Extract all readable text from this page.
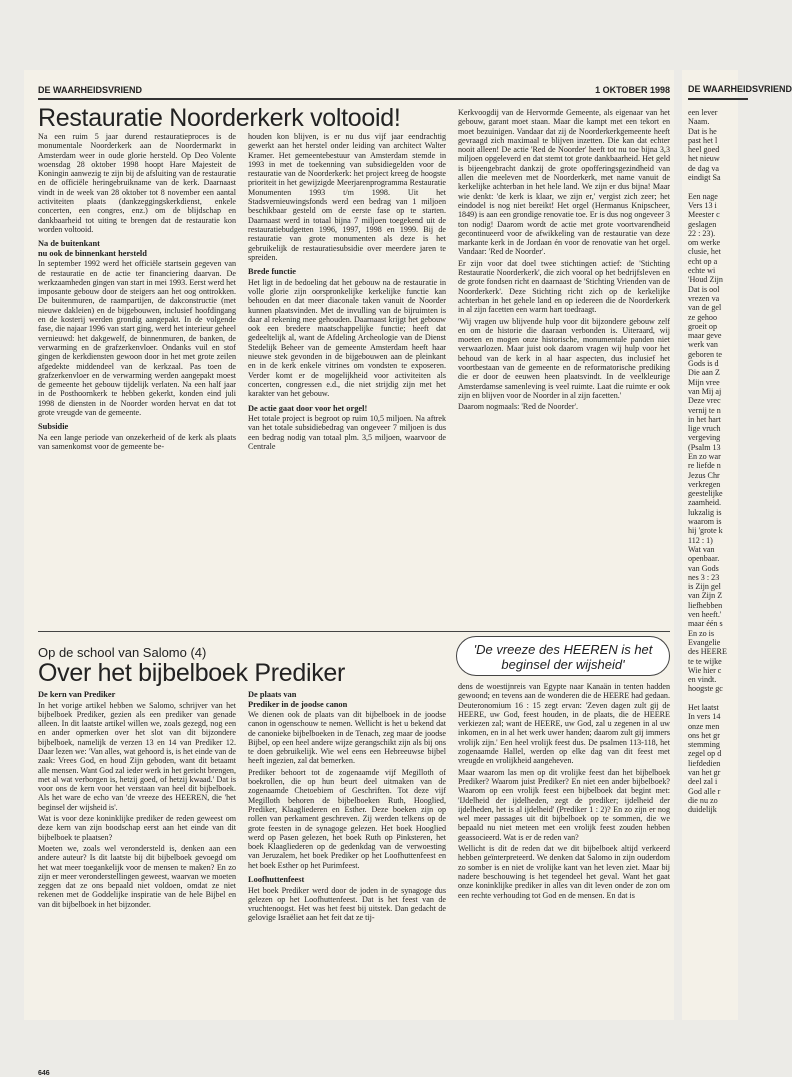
DE WAARHEIDSVRIEND	1 OKTOBER 1998
Restauratie Noorderkerk voltooid!

Na een ruim 5 jaar durend restauratieproces is de monumentale Noorderkerk aan de Noordermarkt in Amsterdam weer in oude glorie hersteld. Op Deo Volente woensdag 28 oktober 1998 hoopt Hare Majesteit de Koningin aanwezig te zijn bij de afsluiting van de restauratie en de officiële heringebruikname van de kerk. Daarnaast vindt in de week van 28 oktober tot 8 november een aantal activiteiten plaats (dankzeggingskerkdienst, enkele concerten, een congres, enz.) om de blijdschap en dankbaarheid tot uiting te brengen dat de restauratie kon worden voltooid.

Na de buitenkant
nu ook de binnenkant hersteld

In september 1992 werd het officiële startsein gegeven van de restauratie en de actie ter financiering daarvan. De werkzaamheden gingen van start in mei 1993. Eerst werd het imposante gebouw door de steigers aan het oog onttrokken. De buitenmuren, de raampartijen, de dakconstructie (met nieuwe dakleien) en de bijgebouwen, inclusief hoofdingang en de kosterij werden grondig aangepakt. In de volgende fase, die najaar 1996 van start ging, werd het interieur geheel vernieuwd: het dakgewelf, de binnenmuren, de banken, de verwarming en de grafzerkenvloer. Ondanks vuil en stof gingen de kerkdiensten gewoon door in het met grote zeilen afgedekte middendeel van de kerkzaal. Pas toen de grafzerkenvloer en de verwarming werden aangepakt moest de gemeente het gebouw tijdelijk verlaten. Na een half jaar in de Posthoornkerk te hebben gekerkt, konden eind juli 1998 de diensten in de Noorder worden hervat en dat tot grote vreugde van de gemeente.

Subsidie

Na een lange periode van onzekerheid of de kerk als plaats van samenkomst voor de gemeente be-

houden kon blijven, is er nu dus vijf jaar eendrachtig gewerkt aan het herstel onder leiding van architect Walter Kramer. Het gemeentebestuur van Amsterdam stemde in 1993 in met de toekenning van subsidiegelden voor de restauratie van de Noorderkerk: het project kreeg de hoogste prioriteit in het gewijzigde Meerjarenprogramma Restauratie Monumenten 1993 t/m 1998. Uit het Stadsvernieuwingsfonds werd een bedrag van 1 miljoen beschikbaar gesteld om de eerste fase op te starten. Daarnaast werd in totaal bijna 7 miljoen toegekend uit de restauratiebudgetten 1996, 1997, 1998 en 1999. Bij de restauratie van grote monumenten als deze is het gebruikelijk de restauratiesubsidie over meerdere jaren te spreiden.

Brede functie

Het ligt in de bedoeling dat het gebouw na de restauratie in volle glorie zijn oorspronkelijke kerkelijke functie kan behouden en dat meer diaconale taken vanuit de Noorder kunnen plaatsvinden. Met de invulling van de bijruimten is daar al rekening mee gehouden. Daarnaast krijgt het gebouw ook een bredere maatschappelijke functie; heeft dat gedeeltelijk al, want de Afdeling Archeologie van de Dienst Stedelijk Beheer van de gemeente Amsterdam heeft haar nieuwe stek gevonden in de bijgebouwen aan de pleinkant en in de kerk enkele vitrines om vondsten te exposeren. Verder komt er de mogelijkheid voor activiteiten als concerten, congressen e.d., die niet strijdig zijn met het karakter van het gebouw.

De actie gaat door voor het orgel!

Het totale project is begroot op ruim 10,5 miljoen. Na aftrek van het totale subsidiebedrag van ongeveer 7 miljoen is dus een bedrag nodig van totaal plm. 3,5 miljoen, waarvoor de Centrale

Kerkvoogdij van de Hervormde Gemeente, als eigenaar van het gebouw, garant moet staan. Maar die kampt met een tekort en moet bezuinigen. Vandaar dat zij de Noorderkerkgemeente heeft gevraagd zich maximaal te blijven inzetten. Die kan dat echter nooit alleen! De actie 'Red de Noorder' heeft tot nu toe bijna 3,3 miljoen opgeleverd en dat stemt tot grote dankbaarheid. Het geld is bijeengebracht dankzij de grote opofferingsgezindheid van allen die meeleven met de Noorderkerk, met name vanuit de kerkelijke achterban in het hele land. We zijn er dus bijna! Maar wie denkt: 'de kerk is klaar, we zijn er,' vergist zich zeer; het eindodel is nog niet bereikt! Het orgel (Hermanus Knipscheer, 1849) is aan een grondige renovatie toe. Er is dus nog ongeveer 3 ton nodig! Daarom wordt de actie met grote voortvarendheid gecontinueerd voor de afwikkeling van de restauratie van deze markante kerk in de Jordaan én voor de renovatie van het orgel. Vandaar: 'Red de Noorder'.

Er zijn voor dat doel twee stichtingen actief: de 'Stichting Restauratie Noorderkerk', die zich vooral op het bedrijfsleven en de grote fondsen richt en daarnaast de 'Stichting Vrienden van de Noorderkerk'. Deze Stichting richt zich op de kerkelijke achterban in het gehele land en op iedereen die de Noorderkerk in al zijn facetten een warm hart toedraagt.

'Wij vragen uw blijvende hulp voor dit bijzondere gebouw zelf en om de historie die daaraan verbonden is. Uiteraard, wij moeten en mogen onze historische, monumentale panden niet verwaarlozen. Maar juist ook daarom vragen wij hulp voor het behoud van de kerk in al haar aspecten, dus inclusief het voortbestaan van de gemeente en de reformatorische prediking die er door de eeuwen heen plaatsvindt. In de veelkleurige Amsterdamse samenleving is veel ruimte. Laat die ruimte er ook zijn en blijven voor de Noorder in al zijn facetten.'

Daarom nogmaals: 'Red de Noorder'.

Op de school van Salomo (4)
Over het bijbelboek Prediker
'De vreeze des HEEREN is het beginsel der wijsheid'
De kern van Prediker

In het vorige artikel hebben we Salomo, schrijver van het bijbelboek Prediker, gezien als een prediker van genade alleen. In dit laatste artikel willen we, zoals gezegd, nog een en ander opmerken over het slot van dit bijzondere bijbelboek, namelijk de verzen 13 en 14 van Prediker 12. Daar lezen we: 'Van alles, wat gehoord is, is het einde van de zaak: Vrees God, en houd Zijn geboden, want dit betaamt alle mensen. Want God zal ieder werk in het gericht brengen, met al wat verborgen is, hetzij goed, of hetzij kwaad.' Dat is voor ons de kern voor het verstaan van heel dit bijbelboek. Als het ware de echo van 'de vreeze des HEEREN, die 'het beginsel der wijsheid is'.

Wat is voor deze koninklijke prediker de reden geweest om deze kern van zijn boodschap eerst aan het einde van dit bijbelboek te plaatsen?

Moeten we, zoals wel verondersteld is, denken aan een andere auteur? Is dit laatste bij dit bijbelboek gevoegd om het wat meer toegankelijk voor de mensen te maken? En zo zijn er meer veronderstellingen geweest, waarvan we moeten zeggen dat ze ons bepaald niet voldoen, omdat ze niet rekenen met de Goddelijke inspiratie van de hele Bijbel en van dit bijbelboek in het bijzonder.

De plaats van
Prediker in de joodse canon

We dienen ook de plaats van dit bijbelboek in de joodse canon in ogenschouw te nemen. Wellicht is het u bekend dat de canonieke bijbelboeken in de Tenach, zeg maar de joodse Bijbel, op een heel andere wijze gerangschikt zijn als bij ons te doen gebruikelijk. Wie wel eens een Hebreeuwse bijbel heeft ingezien, zal dat bemerken.

Prediker behoort tot de zogenaamde vijf Megilloth of boekrollen, die op hun beurt deel uitmaken van de zogenaamde Chetoebiem of Geschriften. Tot deze vijf Megilloth behoren de bijbelboeken Ruth, Hooglied, Prediker, Klaagliederen en Esther. Deze boeken zijn op rollen van perkament geschreven. Zij werden telkens op de grote feesten in de synagoge gelezen. Het boek Hooglied werd op Pasen gelezen, het boek Ruth op Pinksteren, het boek Klaagliederen op de gedenkdag van de verwoesting van Jeruzalem, het boek Prediker op het Loofhuttenfeest en het boek Esther op het Purimfeest.

Loofhuttenfeest

Het boek Prediker werd door de joden in de synagoge dus gelezen op het Loofhuttenfeest. Dat is het feest van de vruchtenoogst. Het was het feest bij uitstek. Dan gedacht de gelovige Israëliet aan het feit dat ze tij-

dens de woestijnreis van Egypte naar Kanaän in tenten hadden gewoond; en tevens aan de wonderen die de HEERE had gedaan. Deuteronomium 16 : 15 zegt ervan: 'Zeven dagen zult gij de HEERE, uw God, feest houden, in de plaats, die de HEERE verkiezen zal; want de HEERE, uw God, zal u zegenen in al uw inkomen, en in al het werk uwer handen; daarom zult gij immers vrolijk zijn.' Een heel vrolijk feest dus. De psalmen 113-118, het zogenaamde Hallel, werden op elke dag van dit feest met vreugde en vrolijkheid aangeheven.

Maar waarom las men op dit vrolijke feest dan het bijbelboek Prediker? Waarom juist Prediker? En niet een ander bijbelboek? Waarom op een vrolijk feest een bijbelboek dat begint met: 'IJdelheid der ijdelheden, zegt de prediker; ijdelheid der ijdelheden, het is al ijdelheid' (Prediker 1 : 2)? En zo zijn er nog wel meer passages uit dit bijbelboek op te sommen, die we bepaald nu niet meteen met een vrolijk feest zouden hebben geassocieerd. Wat is er de reden van?

Wellicht is dit de reden dat we dit bijbelboek altijd verkeerd hebben geïnterpreteerd. We denken dat Salomo in zijn ouderdom zo somber is en niet de vrolijke kant van het leven ziet. Maar bij nadere beschouwing is het tegendeel het geval. Want het gaat onze koninklijke prediker in alles van dit leven onder de zon om een rechte verhouding tot God en de mensen. En dat is

646
DE WAARHEIDSVRIEND
een lever
Naam.
Dat is he
past het l
heel goed
het nieuw
de dag va
eindigt Sa
Een nage
Vers 13 i
Meester c
geslagen
22 : 23).
om werke
clusie, het
echt op a
echte wi
'Houd Zijn
Dat is ool
vrezen va
van de gel
ze gehoo
groeit op
maar geve
werk van
geboren te
Gods is d
Die aan Z
Mijn vree
van Mij aj
Deze vrec
vernij te n
in het hart
lige vruch
vergeving
(Psalm 13
En zo war
re liefde n
Jezus Chr
verkregen
geestelijke
zaamheid.
lukzalig is
waarom is
hij 'grote k
112 : 1)
Wat van
openbaar.
van Gods
nes 3 : 23
is Zijn gel
van Zijn Z
liefhebben
ven heeft.'
maar één s
En zo is
Evangelie
des HEERE
te te wijke
Wie hier c
en vindt.
hoogste gc
Het laatst
In vers 14
onze men
ons het gr
stemming
zegel op d
liefdedien
van het gr
deel zal i
God alle r
die nu zo
duidelijk
